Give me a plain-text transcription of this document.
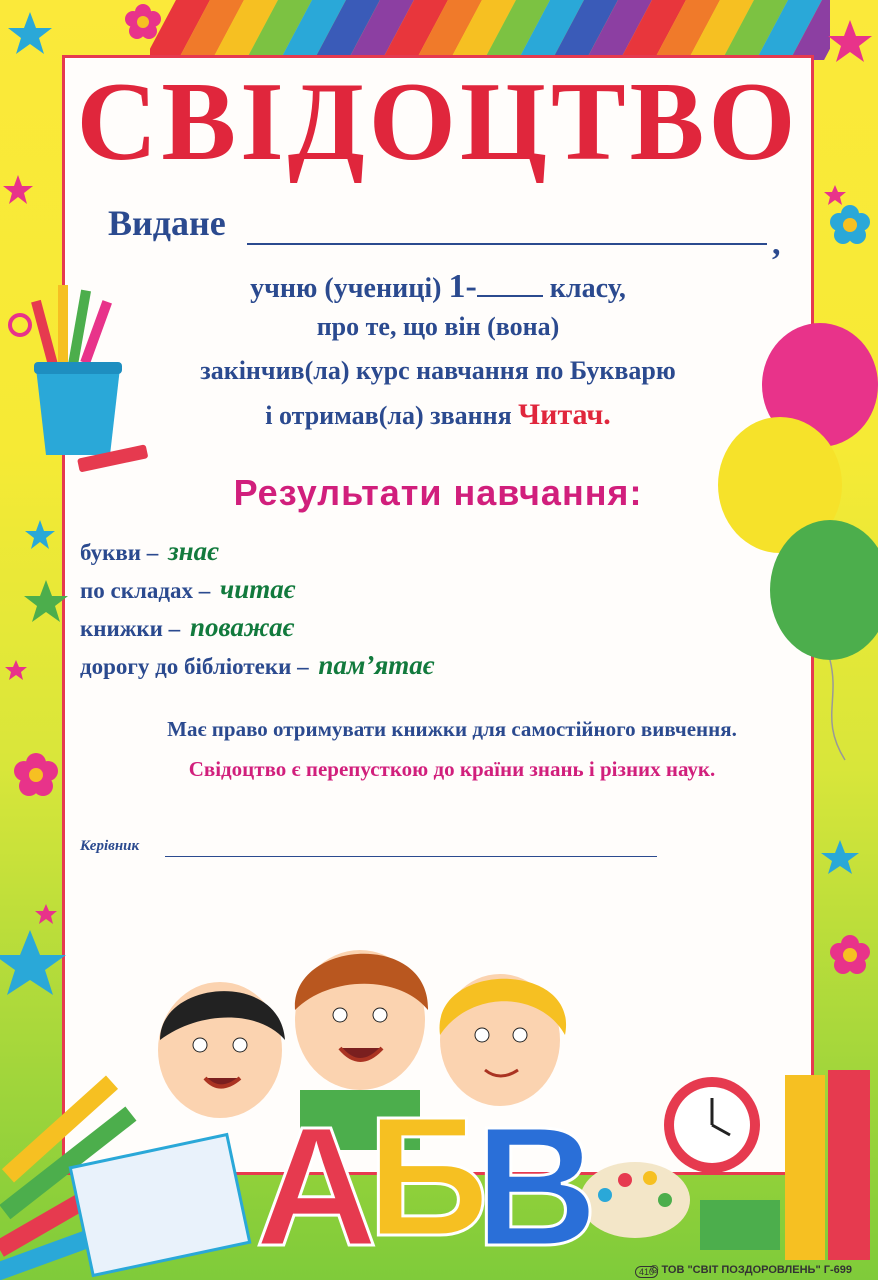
А
Б
В
СВІДОЦТВО
Видане
,
учню (учениці) 1-	класу,
про те, що він (вона)
закінчив(ла) курс навчання по Букварю
і отримав(ла) звання Читач.
Результати навчання:
букви – знає
по складах – читає
книжки – поважає
дорогу до бібліотеки – пам’ятає
Має право отримувати книжки для самостійного вивчення.
Свідоцтво є перепусткою до країни знань і різних наук.
Керівник
410
© ТОВ "СВІТ ПОЗДОРОВЛЕНЬ" Г-699
